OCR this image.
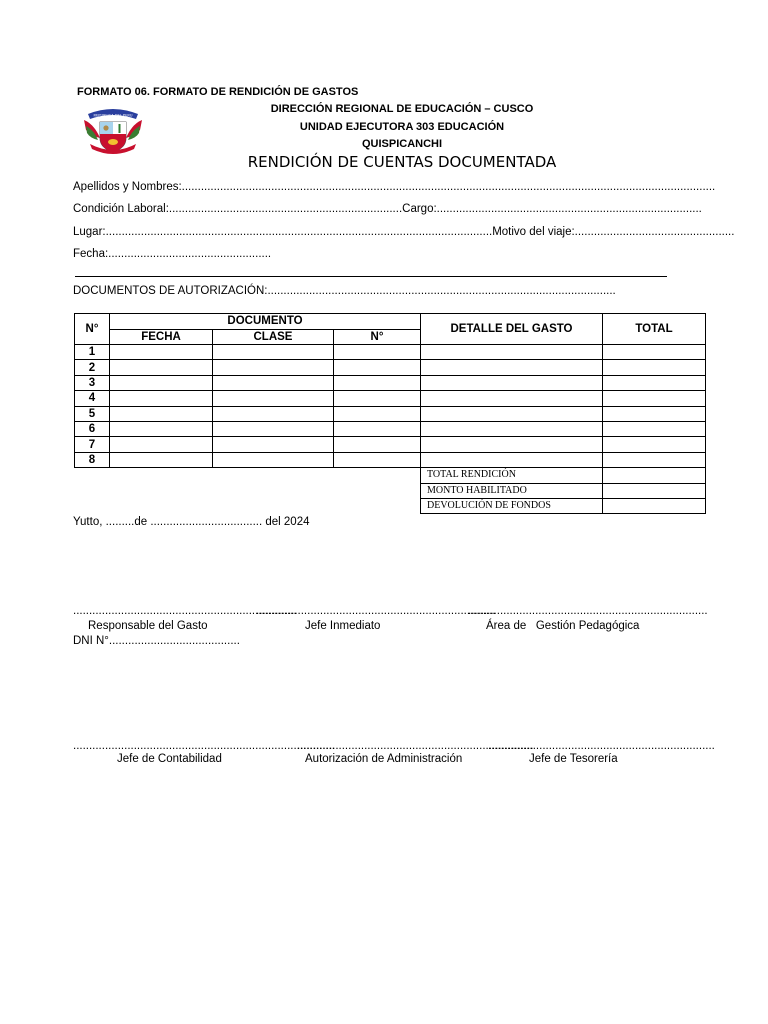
FORMATO 06. FORMATO DE RENDICIÓN DE GASTOS
DIRECCIÓN REGIONAL DE EDUCACIÓN – CUSCO
UNIDAD EJECUTORA 303 EDUCACIÓN
QUISPICANCHI
RENDICIÓN DE CUENTAS DOCUMENTADA
REPUBLICA DEL PERU
Apellidos y Nombres:.......................................................................................................................................................................
Condición Laboral:.........................................................................Cargo:...................................................................................
Lugar:.........................................................................................................................Motivo del viaje:..................................................
Fecha:...................................................
DOCUMENTOS DE AUTORIZACIÓN:.............................................................................................................
N°	DOCUMENTO			DETALLE DEL GASTO	TOTAL
	FECHA	CLASE	N°		
1					
2					
3					
4					
5					
6					
7					
8					
				TOTAL RENDICIÓN	
				MONTO HABILITADO	
				DEVOLUCIÓN DE FONDOS	
Yutto, .........de ................................... del 2024
......................................................................
...........................................................................
...........................................................................
Responsable del Gasto	Jefe Inmediato	Área de   Gestión Pedagógica
DNI N°.........................................
..................................................................................
..........................................................................
.......................................................................
Jefe de Contabilidad	Autorización de Administración	Jefe de Tesorería
